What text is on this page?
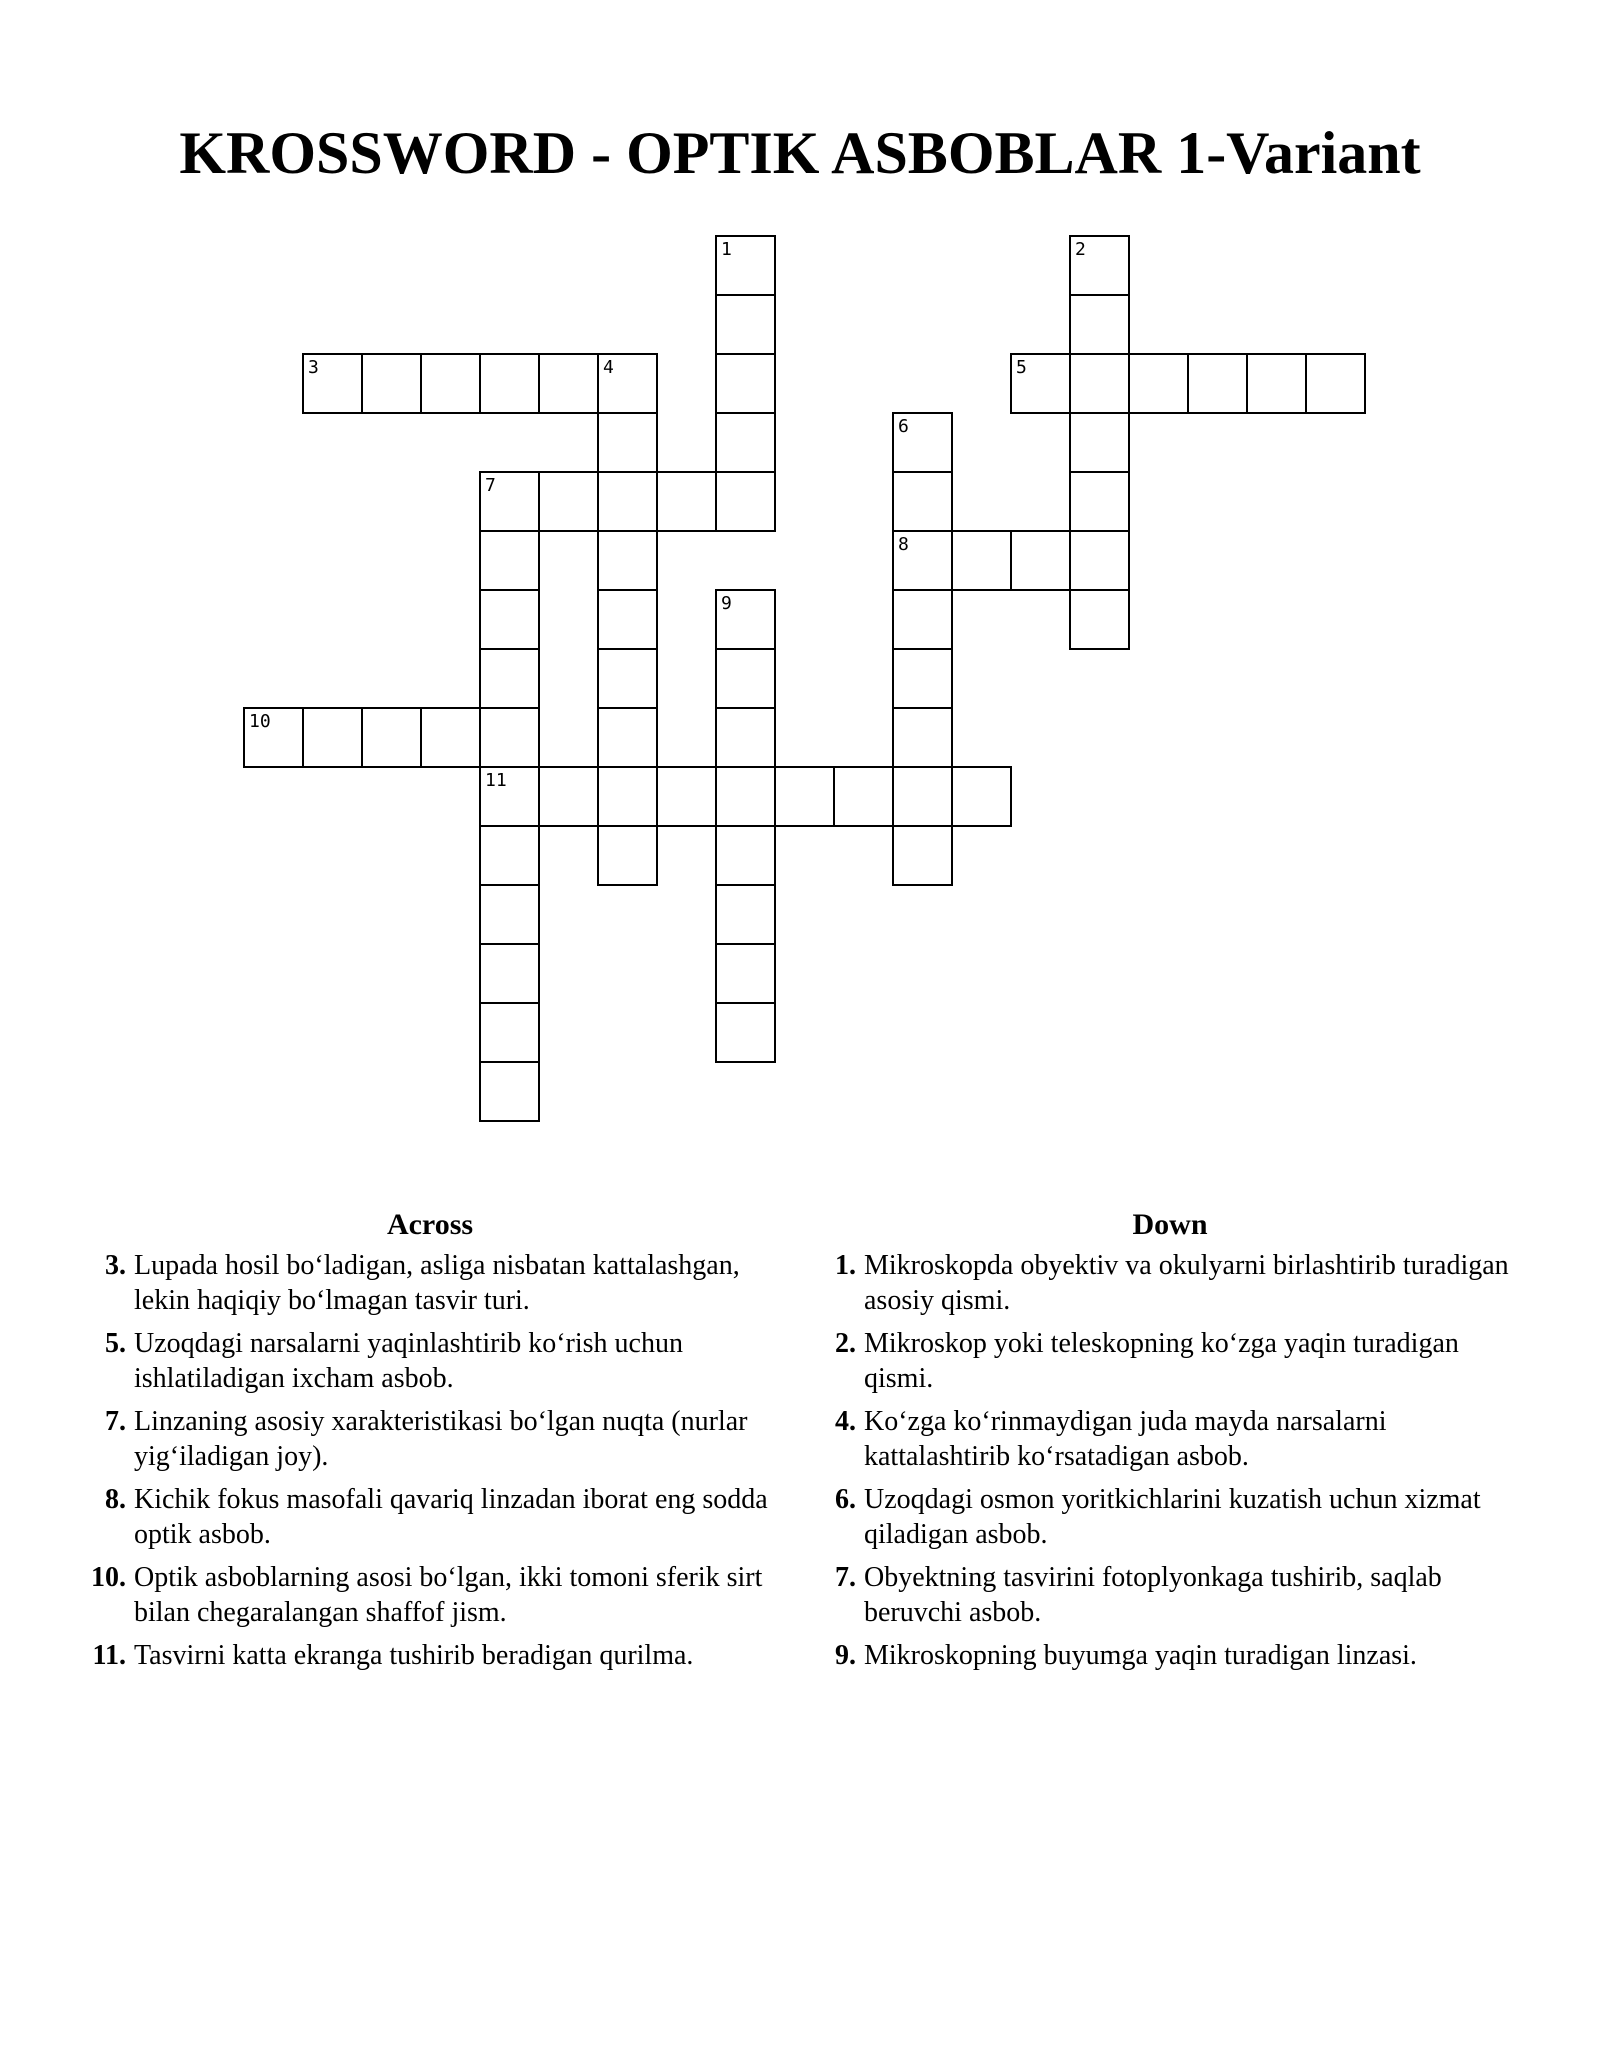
KROSSWORD - OPTIK ASBOBLAR 1-Variant
1	2
3	4	5
6
8
7
11
9
10
Across
3. Lupada hosil bo‘ladigan, asliga nisbatan kattalashgan, lekin haqiqiy bo‘lmagan tasvir turi.
5. Uzoqdagi narsalarni yaqinlashtirib ko‘rish uchun ishlatiladigan ixcham asbob.
7. Linzaning asosiy xarakteristikasi bo‘lgan nuqta (nurlar yig‘iladigan joy).
8. Kichik fokus masofali qavariq linzadan iborat eng sodda optik asbob.
10. Optik asboblarning asosi bo‘lgan, ikki tomoni sferik sirt bilan chegaralangan shaffof jism.
11. Tasvirni katta ekranga tushirib beradigan qurilma.
Down
1. Mikroskopda obyektiv va okulyarni birlashtirib turadigan asosiy qismi.
2. Mikroskop yoki teleskopning ko‘zga yaqin turadigan qismi.
4. Ko‘zga ko‘rinmaydigan juda mayda narsalarni kattalashtirib ko‘rsatadigan asbob.
6. Uzoqdagi osmon yoritkichlarini kuzatish uchun xizmat qiladigan asbob.
7. Obyektning tasvirini fotoplyonkaga tushirib, saqlab beruvchi asbob.
9. Mikroskopning buyumga yaqin turadigan linzasi.
